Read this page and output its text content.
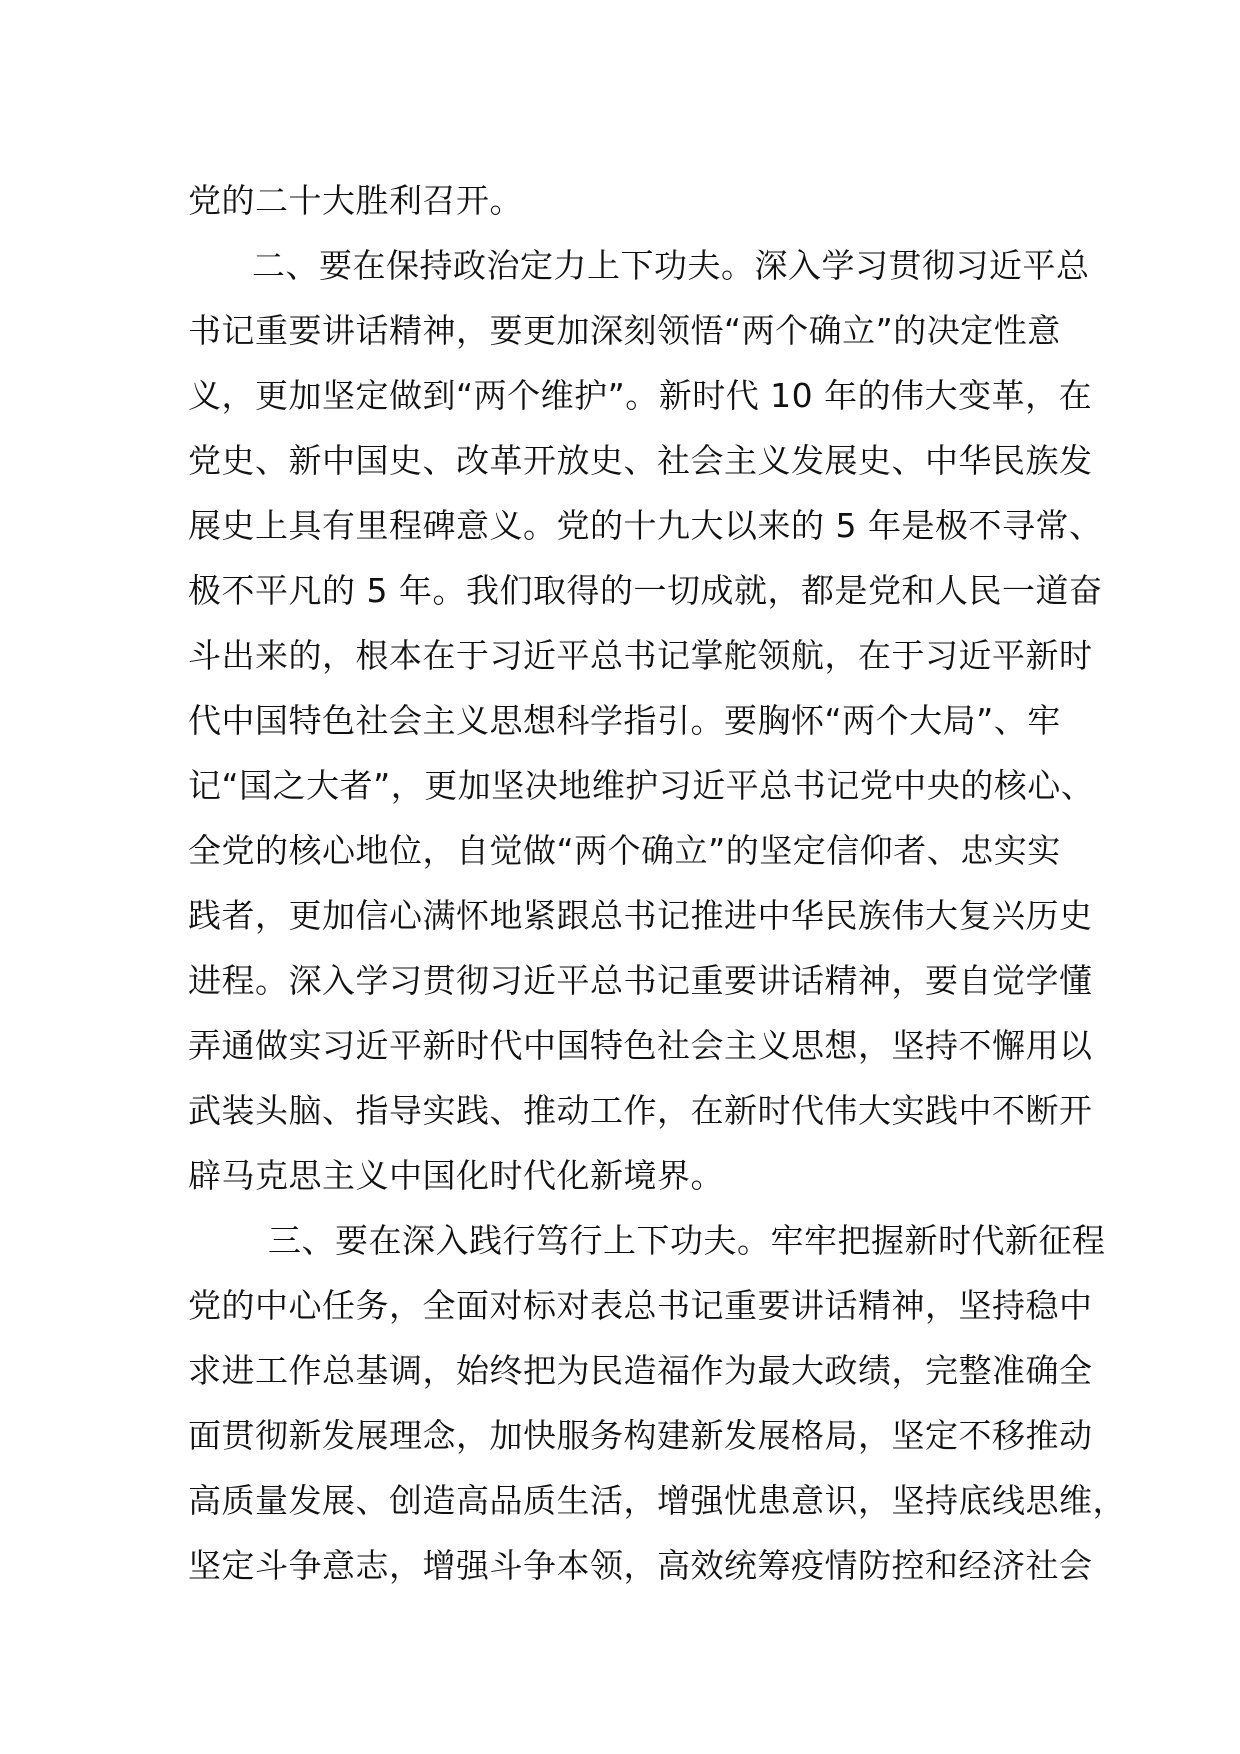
党的二十大胜利召开。
二、要在保持政治定力上下功夫。深入学习贯彻习近平总
书记重要讲话精神，要更加深刻领悟“两个确立”的决定性意
义，更加坚定做到“两个维护”。新时代 10 年的伟大变革，在
党史、新中国史、改革开放史、社会主义发展史、中华民族发
展史上具有里程碑意义。党的十九大以来的 5 年是极不寻常、
极不平凡的 5 年。我们取得的一切成就，都是党和人民一道奋
斗出来的，根本在于习近平总书记掌舵领航，在于习近平新时
代中国特色社会主义思想科学指引。要胸怀“两个大局”、牢
记“国之大者”，更加坚决地维护习近平总书记党中央的核心、
全党的核心地位，自觉做“两个确立”的坚定信仰者、忠实实
践者，更加信心满怀地紧跟总书记推进中华民族伟大复兴历史
进程。深入学习贯彻习近平总书记重要讲话精神，要自觉学懂
弄通做实习近平新时代中国特色社会主义思想，坚持不懈用以
武装头脑、指导实践、推动工作，在新时代伟大实践中不断开
辟马克思主义中国化时代化新境界。
三、要在深入践行笃行上下功夫。牢牢把握新时代新征程
党的中心任务，全面对标对表总书记重要讲话精神，坚持稳中
求进工作总基调，始终把为民造福作为最大政绩，完整准确全
面贯彻新发展理念，加快服务构建新发展格局，坚定不移推动
高质量发展、创造高品质生活，增强忧患意识，坚持底线思维，
坚定斗争意志，增强斗争本领，高效统筹疫情防控和经济社会
